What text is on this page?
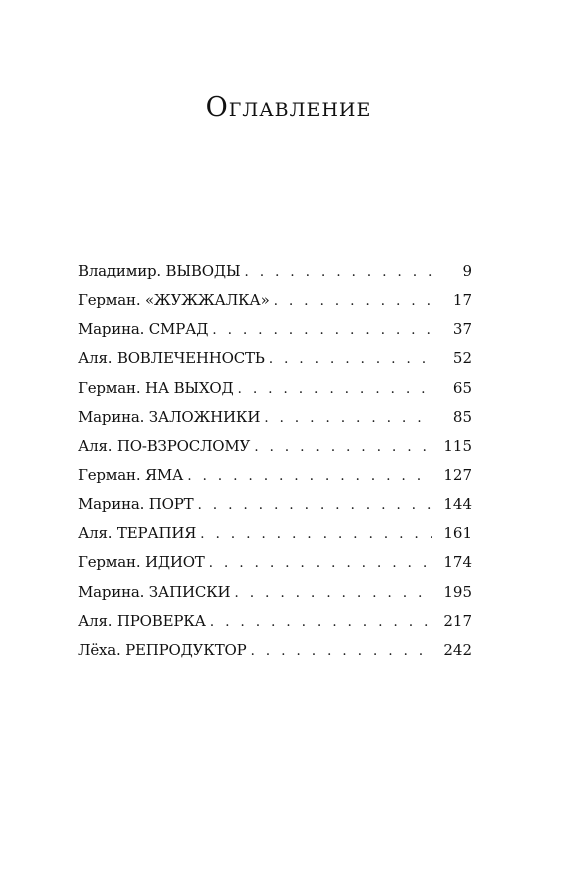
Оглавление
Владимир. ВЫВОДЫ . . .	9
Герман. «ЖУЖЖАЛКА» . . .	17
Марина. СМРАД . . .	37
Аля. ВОВЛЕЧЕННОСТЬ . . .	52
Герман. НА ВЫХОД . . .	65
Марина. ЗАЛОЖНИКИ . . .	85
Аля. ПО-ВЗРОСЛОМУ . . .	115
Герман. ЯМА . . .	127
Марина. ПОРТ . . .	144
Аля. ТЕРАПИЯ . . .	161
Герман. ИДИОТ . . .	174
Марина. ЗАПИСКИ . . .	195
Аля. ПРОВЕРКА . . .	217
Лёха. РЕПРОДУКТОР . . .	242
